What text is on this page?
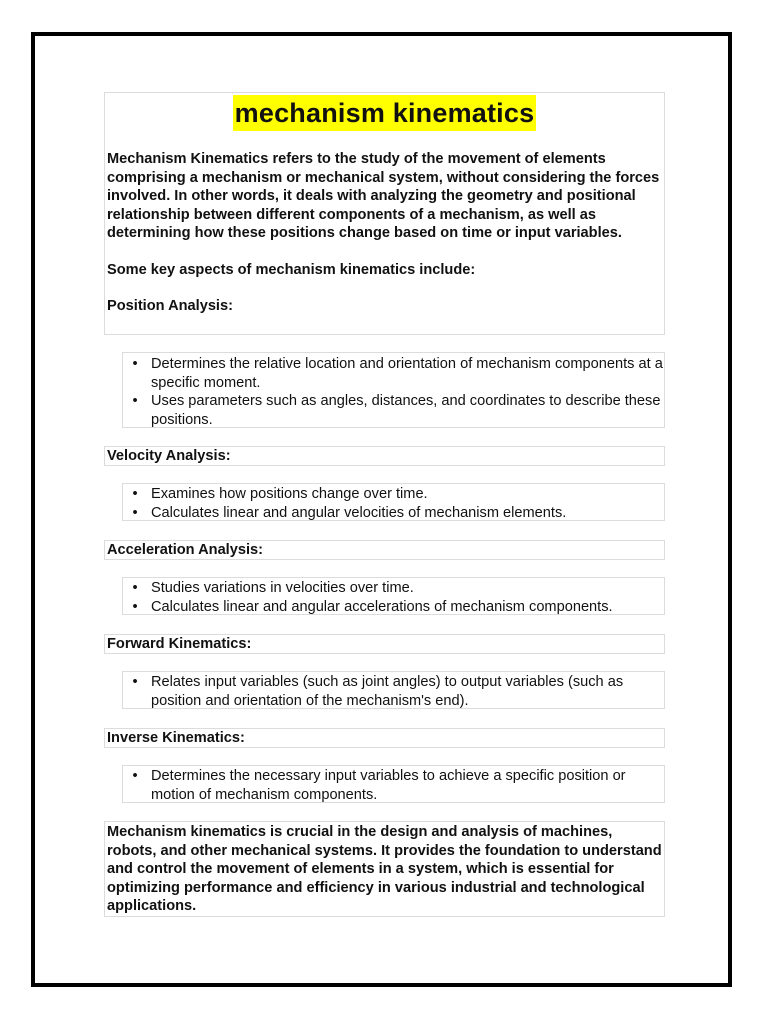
mechanism kinematics

Mechanism Kinematics refers to the study of the movement of elements comprising a mechanism or mechanical system, without considering the forces involved. In other words, it deals with analyzing the geometry and positional relationship between different components of a mechanism, as well as determining how these positions change based on time or input variables.

Some key aspects of mechanism kinematics include:

Position Analysis:
• Determines the relative location and orientation of mechanism components at a specific moment.
• Uses parameters such as angles, distances, and coordinates to describe these positions.
Velocity Analysis:
• Examines how positions change over time.
• Calculates linear and angular velocities of mechanism elements.
Acceleration Analysis:
• Studies variations in velocities over time.
• Calculates linear and angular accelerations of mechanism components.
Forward Kinematics:
• Relates input variables (such as joint angles) to output variables (such as position and orientation of the mechanism's end).
Inverse Kinematics:
• Determines the necessary input variables to achieve a specific position or motion of mechanism components.

Mechanism kinematics is crucial in the design and analysis of machines, robots, and other mechanical systems. It provides the foundation to understand and control the movement of elements in a system, which is essential for optimizing performance and efficiency in various industrial and technological applications.
